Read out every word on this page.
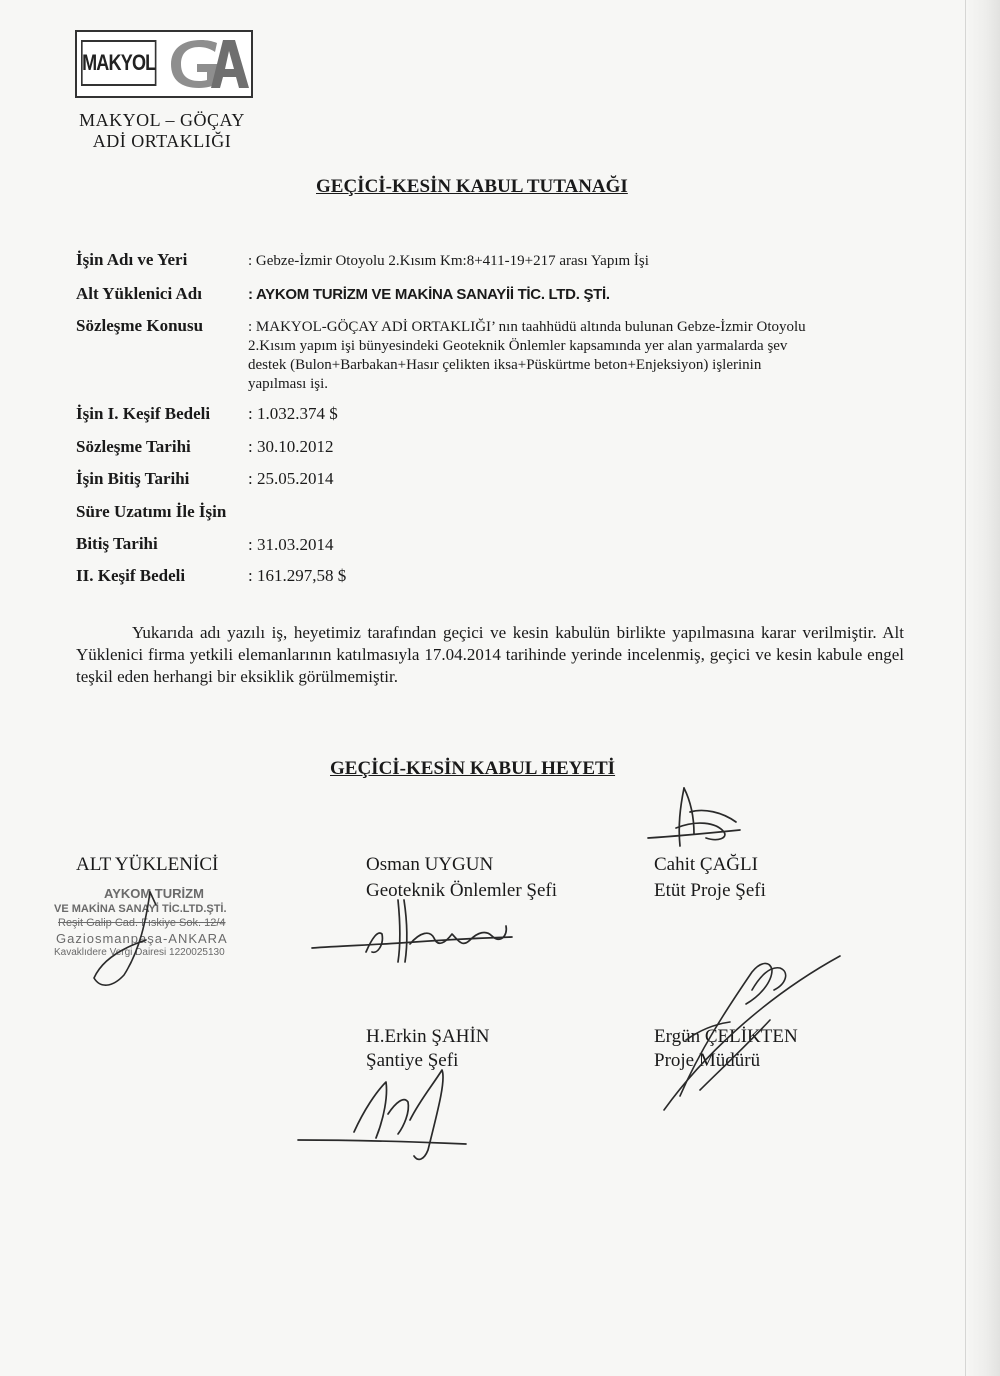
MAKYOL
MAKYOL – GÖÇAY
ADİ ORTAKLIĞI
GEÇİCİ-KESİN KABUL TUTANAĞI
İşin Adı ve Yeri	: Gebze-İzmir Otoyolu 2.Kısım Km:8+411-19+217 arası Yapım İşi
Alt Yüklenici Adı	: AYKOM TURİZM VE MAKİNA SANAYİİ TİC. LTD. ŞTİ.
Sözleşme Konusu	: MAKYOL-GÖÇAY ADİ ORTAKLIĞI’ nın taahhüdü altında bulunan Gebze-İzmir Otoyolu
2.Kısım yapım işi bünyesindeki Geoteknik Önlemler kapsamında yer alan yarmalarda şev
destek (Bulon+Barbakan+Hasır çelikten iksa+Püskürtme beton+Enjeksiyon) işlerinin
yapılması işi.
İşin I. Keşif Bedeli : 1.032.374 $
Sözleşme Tarihi	: 30.10.2012
İşin Bitiş Tarihi	: 25.05.2014
Süre Uzatımı İle İşin
Bitiş Tarihi	: 31.03.2014
II. Keşif Bedeli	: 161.297,58 $
Yukarıda adı yazılı iş, heyetimiz tarafından geçici ve kesin kabulün birlikte yapılmasına karar verilmiştir. Alt Yüklenici firma yetkili elemanlarının katılmasıyla 17.04.2014 tarihinde yerinde incelenmiş, geçici ve kesin kabule engel teşkil eden herhangi bir eksiklik görülmemiştir.
GEÇİCİ-KESİN KABUL HEYETİ
ALT YÜKLENİCİ	Osman UYGUN
Geoteknik Önlemler Şefi
Cahit ÇAĞLI
Etüt Proje Şefi
H.Erkin ŞAHİN
Şantiye Şefi
Ergün ÇELİKTEN
Proje Müdürü
AYKOM TURİZM
VE MAKİNA SANAYİ TİC.LTD.ŞTİ.
Reşit Galip Cad. Fıskiye Sok. 12/4
Gaziosmanpaşa-ANKARA
Kavaklıdere Vergi Dairesi 1220025130
